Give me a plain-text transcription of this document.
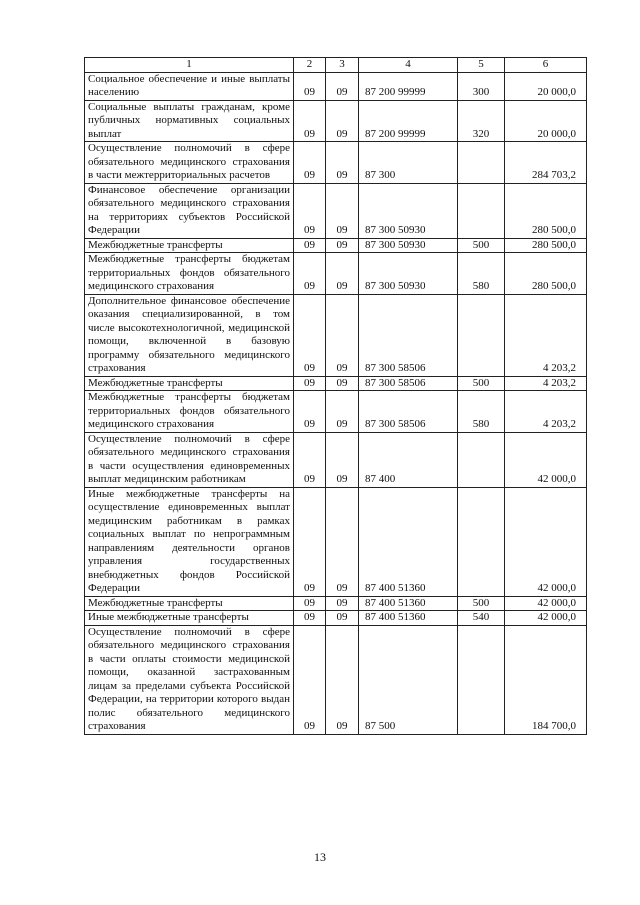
1	2	3	4	5	6
Социальное обеспечение и иные выплаты населению	09	09	87 200 99999	300	20 000,0
Социальные выплаты гражданам, кроме публичных нормативных социальных выплат	09	09	87 200 99999	320	20 000,0
Осуществление полномочий в сфере обязательного медицинского страхования в части межтерриториальных расчетов	09	09	87 300		284 703,2
Финансовое обеспечение организации обязательного медицинского страхования на территориях субъектов Российской Федерации	09	09	87 300 50930		280 500,0
Межбюджетные трансферты	09	09	87 300 50930	500	280 500,0
Межбюджетные трансферты бюджетам территориальных фондов обязательного медицинского страхования	09	09	87 300 50930	580	280 500,0
Дополнительное финансовое обеспечение оказания специализированной, в том числе высокотехнологичной, медицинской помощи, включенной в базовую программу обязательного медицинского страхования	09	09	87 300 58506		4 203,2
Межбюджетные трансферты	09	09	87 300 58506	500	4 203,2
Межбюджетные трансферты бюджетам территориальных фондов обязательного медицинского страхования	09	09	87 300 58506	580	4 203,2
Осуществление полномочий в сфере обязательного медицинского страхования в части осуществления единовременных выплат медицинским работникам	09	09	87 400		42 000,0
Иные межбюджетные трансферты на осуществление единовременных выплат медицинским работникам в рамках социальных выплат по непрограммным направлениям деятельности органов управления государственных внебюджетных фондов Российской Федерации	09	09	87 400 51360		42 000,0
Межбюджетные трансферты	09	09	87 400 51360	500	42 000,0
Иные межбюджетные трансферты	09	09	87 400 51360	540	42 000,0
Осуществление полномочий в сфере обязательного медицинского страхования в части оплаты стоимости медицинской помощи, оказанной застрахованным лицам за пределами субъекта Российской Федерации, на территории которого выдан полис обязательного медицинского страхования	09	09	87 500		184 700,0
13
